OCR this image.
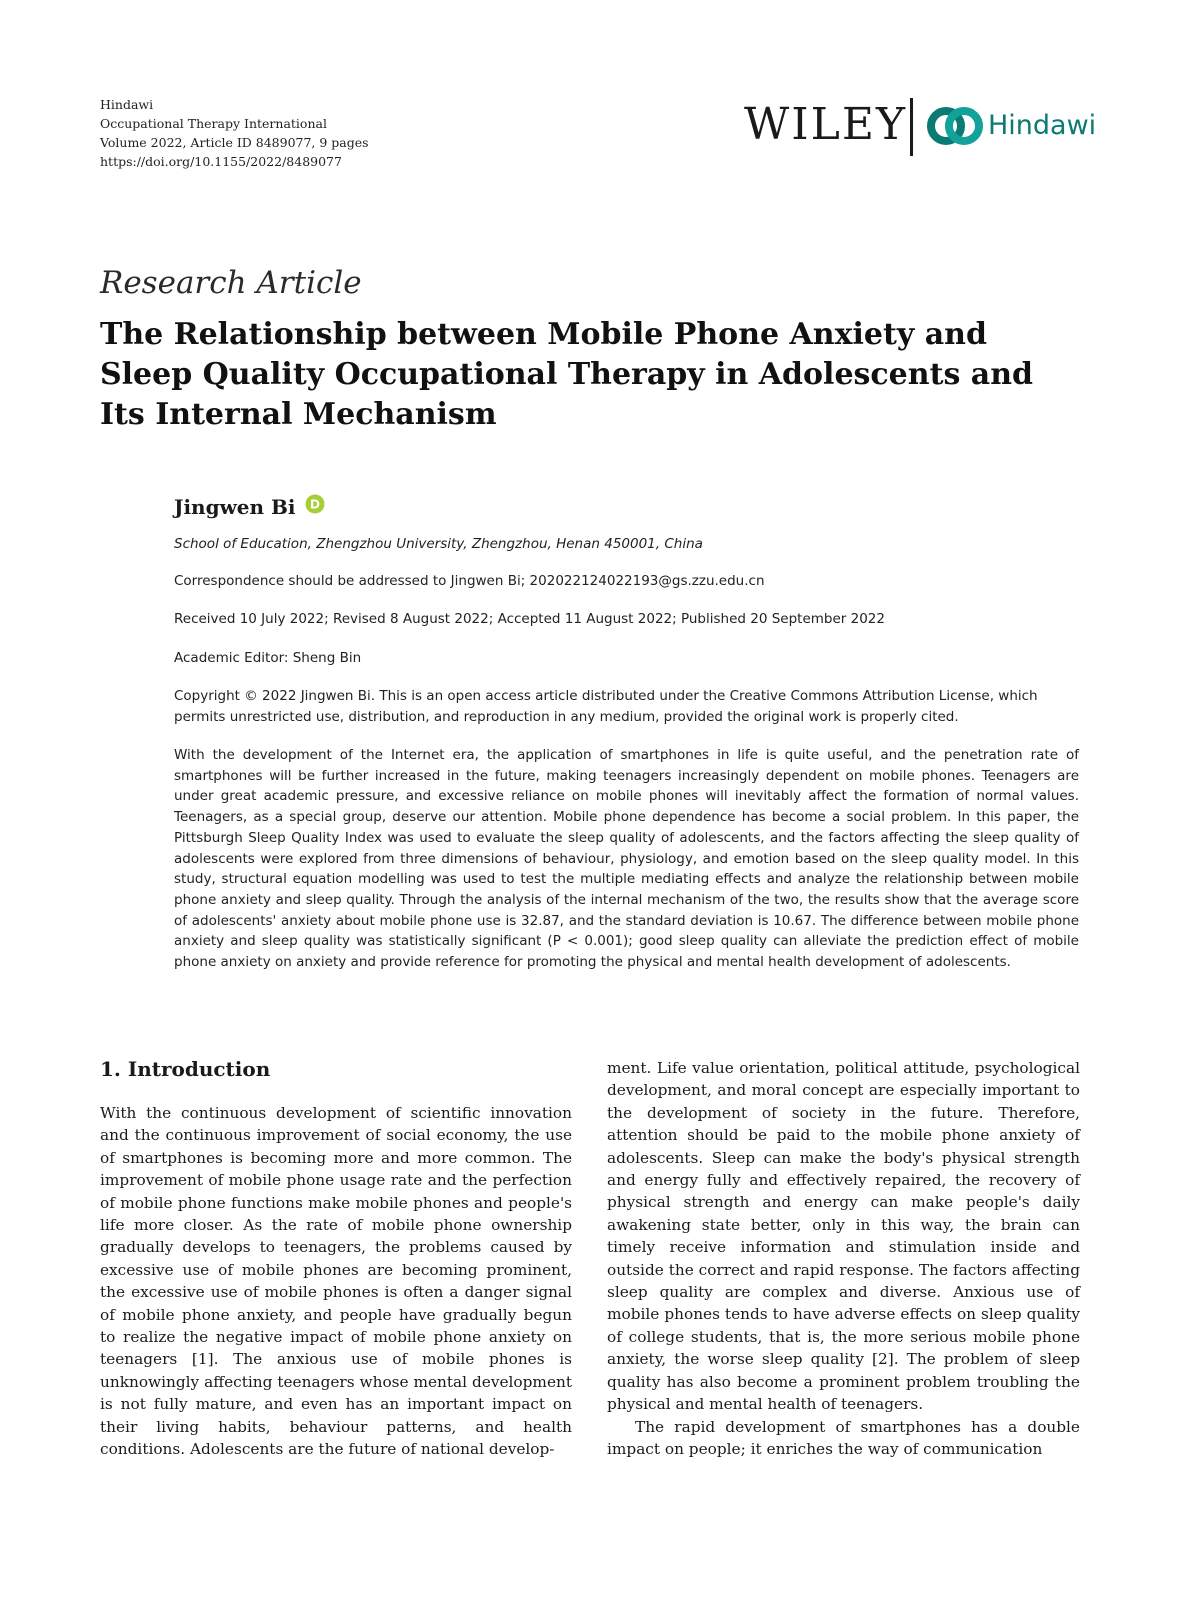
Hindawi
Occupational Therapy International
Volume 2022, Article ID 8489077, 9 pages
https://doi.org/10.1155/2022/8489077
WILEY	Hindawi
Research Article
The Relationship between Mobile Phone Anxiety and Sleep Quality Occupational Therapy in Adolescents and Its Internal Mechanism
Jingwen Bi D
School of Education, Zhengzhou University, Zhengzhou, Henan 450001, China
Correspondence should be addressed to Jingwen Bi; 202022124022193@gs.zzu.edu.cn
Received 10 July 2022; Revised 8 August 2022; Accepted 11 August 2022; Published 20 September 2022
Academic Editor: Sheng Bin
Copyright © 2022 Jingwen Bi. This is an open access article distributed under the Creative Commons Attribution License, which permits unrestricted use, distribution, and reproduction in any medium, provided the original work is properly cited.
With the development of the Internet era, the application of smartphones in life is quite useful, and the penetration rate of smartphones will be further increased in the future, making teenagers increasingly dependent on mobile phones. Teenagers are under great academic pressure, and excessive reliance on mobile phones will inevitably affect the formation of normal values. Teenagers, as a special group, deserve our attention. Mobile phone dependence has become a social problem. In this paper, the Pittsburgh Sleep Quality Index was used to evaluate the sleep quality of adolescents, and the factors affecting the sleep quality of adolescents were explored from three dimensions of behaviour, physiology, and emotion based on the sleep quality model. In this study, structural equation modelling was used to test the multiple mediating effects and analyze the relationship between mobile phone anxiety and sleep quality. Through the analysis of the internal mechanism of the two, the results show that the average score of adolescents' anxiety about mobile phone use is 32.87, and the standard deviation is 10.67. The difference between mobile phone anxiety and sleep quality was statistically significant (P < 0.001); good sleep quality can alleviate the prediction effect of mobile phone anxiety on anxiety and provide reference for promoting the physical and mental health development of adolescents.
1. Introduction

With the continuous development of scientific innovation and the continuous improvement of social economy, the use of smartphones is becoming more and more common. The improvement of mobile phone usage rate and the perfection of mobile phone functions make mobile phones and people's life more closer. As the rate of mobile phone ownership gradually develops to teenagers, the problems caused by excessive use of mobile phones are becoming prominent, the excessive use of mobile phones is often a danger signal of mobile phone anxiety, and people have gradually begun to realize the negative impact of mobile phone anxiety on teenagers [1]. The anxious use of mobile phones is unknowingly affecting teenagers whose mental development is not fully mature, and even has an important impact on their living habits, behaviour patterns, and health conditions. Adolescents are the future of national develop-

ment. Life value orientation, political attitude, psychological development, and moral concept are especially important to the development of society in the future. Therefore, attention should be paid to the mobile phone anxiety of adolescents. Sleep can make the body's physical strength and energy fully and effectively repaired, the recovery of physical strength and energy can make people's daily awakening state better, only in this way, the brain can timely receive information and stimulation inside and outside the correct and rapid response. The factors affecting sleep quality are complex and diverse. Anxious use of mobile phones tends to have adverse effects on sleep quality of college students, that is, the more serious mobile phone anxiety, the worse sleep quality [2]. The problem of sleep quality has also become a prominent problem troubling the physical and mental health of teenagers.

The rapid development of smartphones has a double impact on people; it enriches the way of communication
